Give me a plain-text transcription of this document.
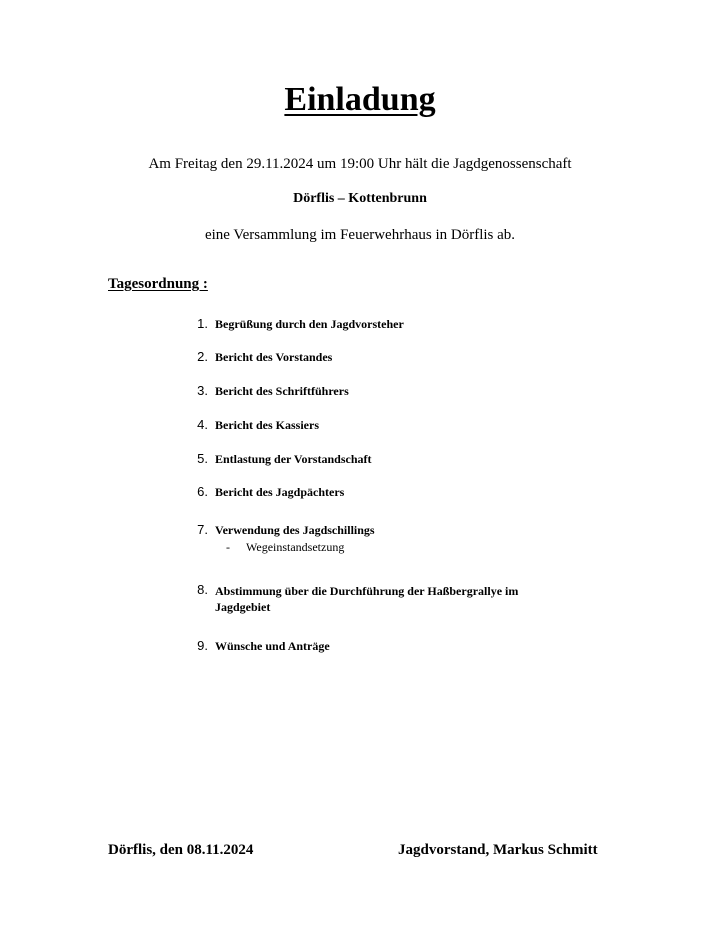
Einladung
Am Freitag den 29.11.2024 um 19:00 Uhr hält die Jagdgenossenschaft
Dörflis – Kottenbrunn
eine Versammlung im Feuerwehrhaus in Dörflis ab.
Tagesordnung :
1. Begrüßung durch den Jagdvorsteher
2. Bericht des Vorstandes
3. Bericht des Schriftführers
4. Bericht des Kassiers
5. Entlastung der Vorstandschaft
6. Bericht des Jagdpächters
7. Verwendung des Jagdschillings
- Wegeinstandsetzung
8. Abstimmung über die Durchführung der Haßbergrallye im
Jagdgebiet
9. Wünsche und Anträge
Dörflis, den 08.11.2024	Jagdvorstand, Markus Schmitt
